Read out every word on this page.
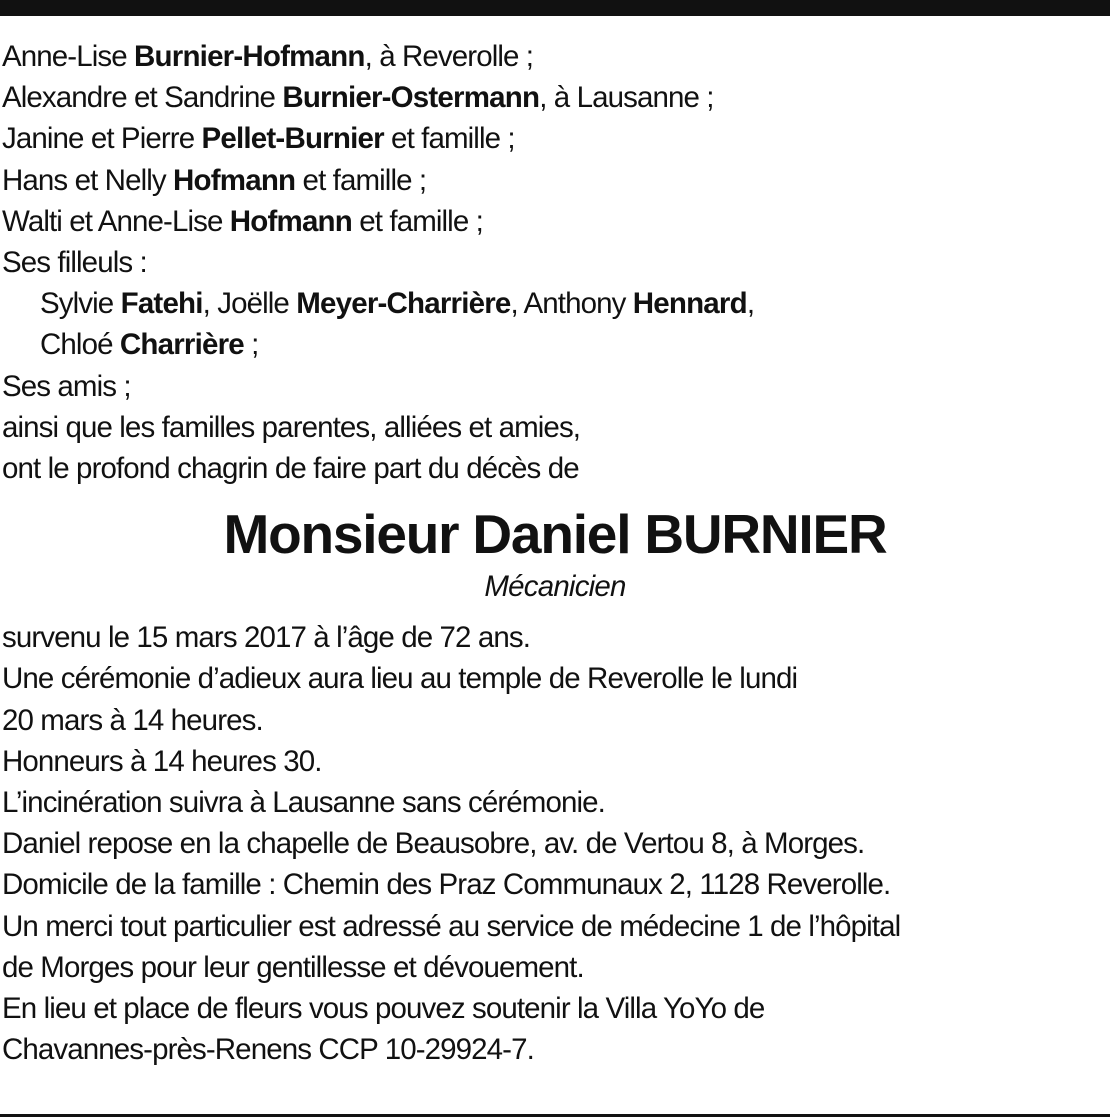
Anne-Lise Burnier-Hofmann, à Reverolle ;
Alexandre et Sandrine Burnier-Ostermann, à Lausanne ;
Janine et Pierre Pellet-Burnier et famille ;
Hans et Nelly Hofmann et famille ;
Walti et Anne-Lise Hofmann et famille ;
Ses filleuls :
Sylvie Fatehi, Joëlle Meyer-Charrière, Anthony Hennard,
Chloé Charrière ;
Ses amis ;
ainsi que les familles parentes, alliées et amies,
ont le profond chagrin de faire part du décès de
Monsieur Daniel BURNIER
Mécanicien
survenu le 15 mars 2017 à l’âge de 72 ans.
Une cérémonie d’adieux aura lieu au temple de Reverolle le lundi
20 mars à 14 heures.
Honneurs à 14 heures 30.
L’incinération suivra à Lausanne sans cérémonie.
Daniel repose en la chapelle de Beausobre, av. de Vertou 8, à Morges.
Domicile de la famille : Chemin des Praz Communaux 2, 1128 Reverolle.
Un merci tout particulier est adressé au service de médecine 1 de l’hôpital
de Morges pour leur gentillesse et dévouement.
En lieu et place de fleurs vous pouvez soutenir la Villa YoYo de
Chavannes-près-Renens CCP 10-29924-7.
